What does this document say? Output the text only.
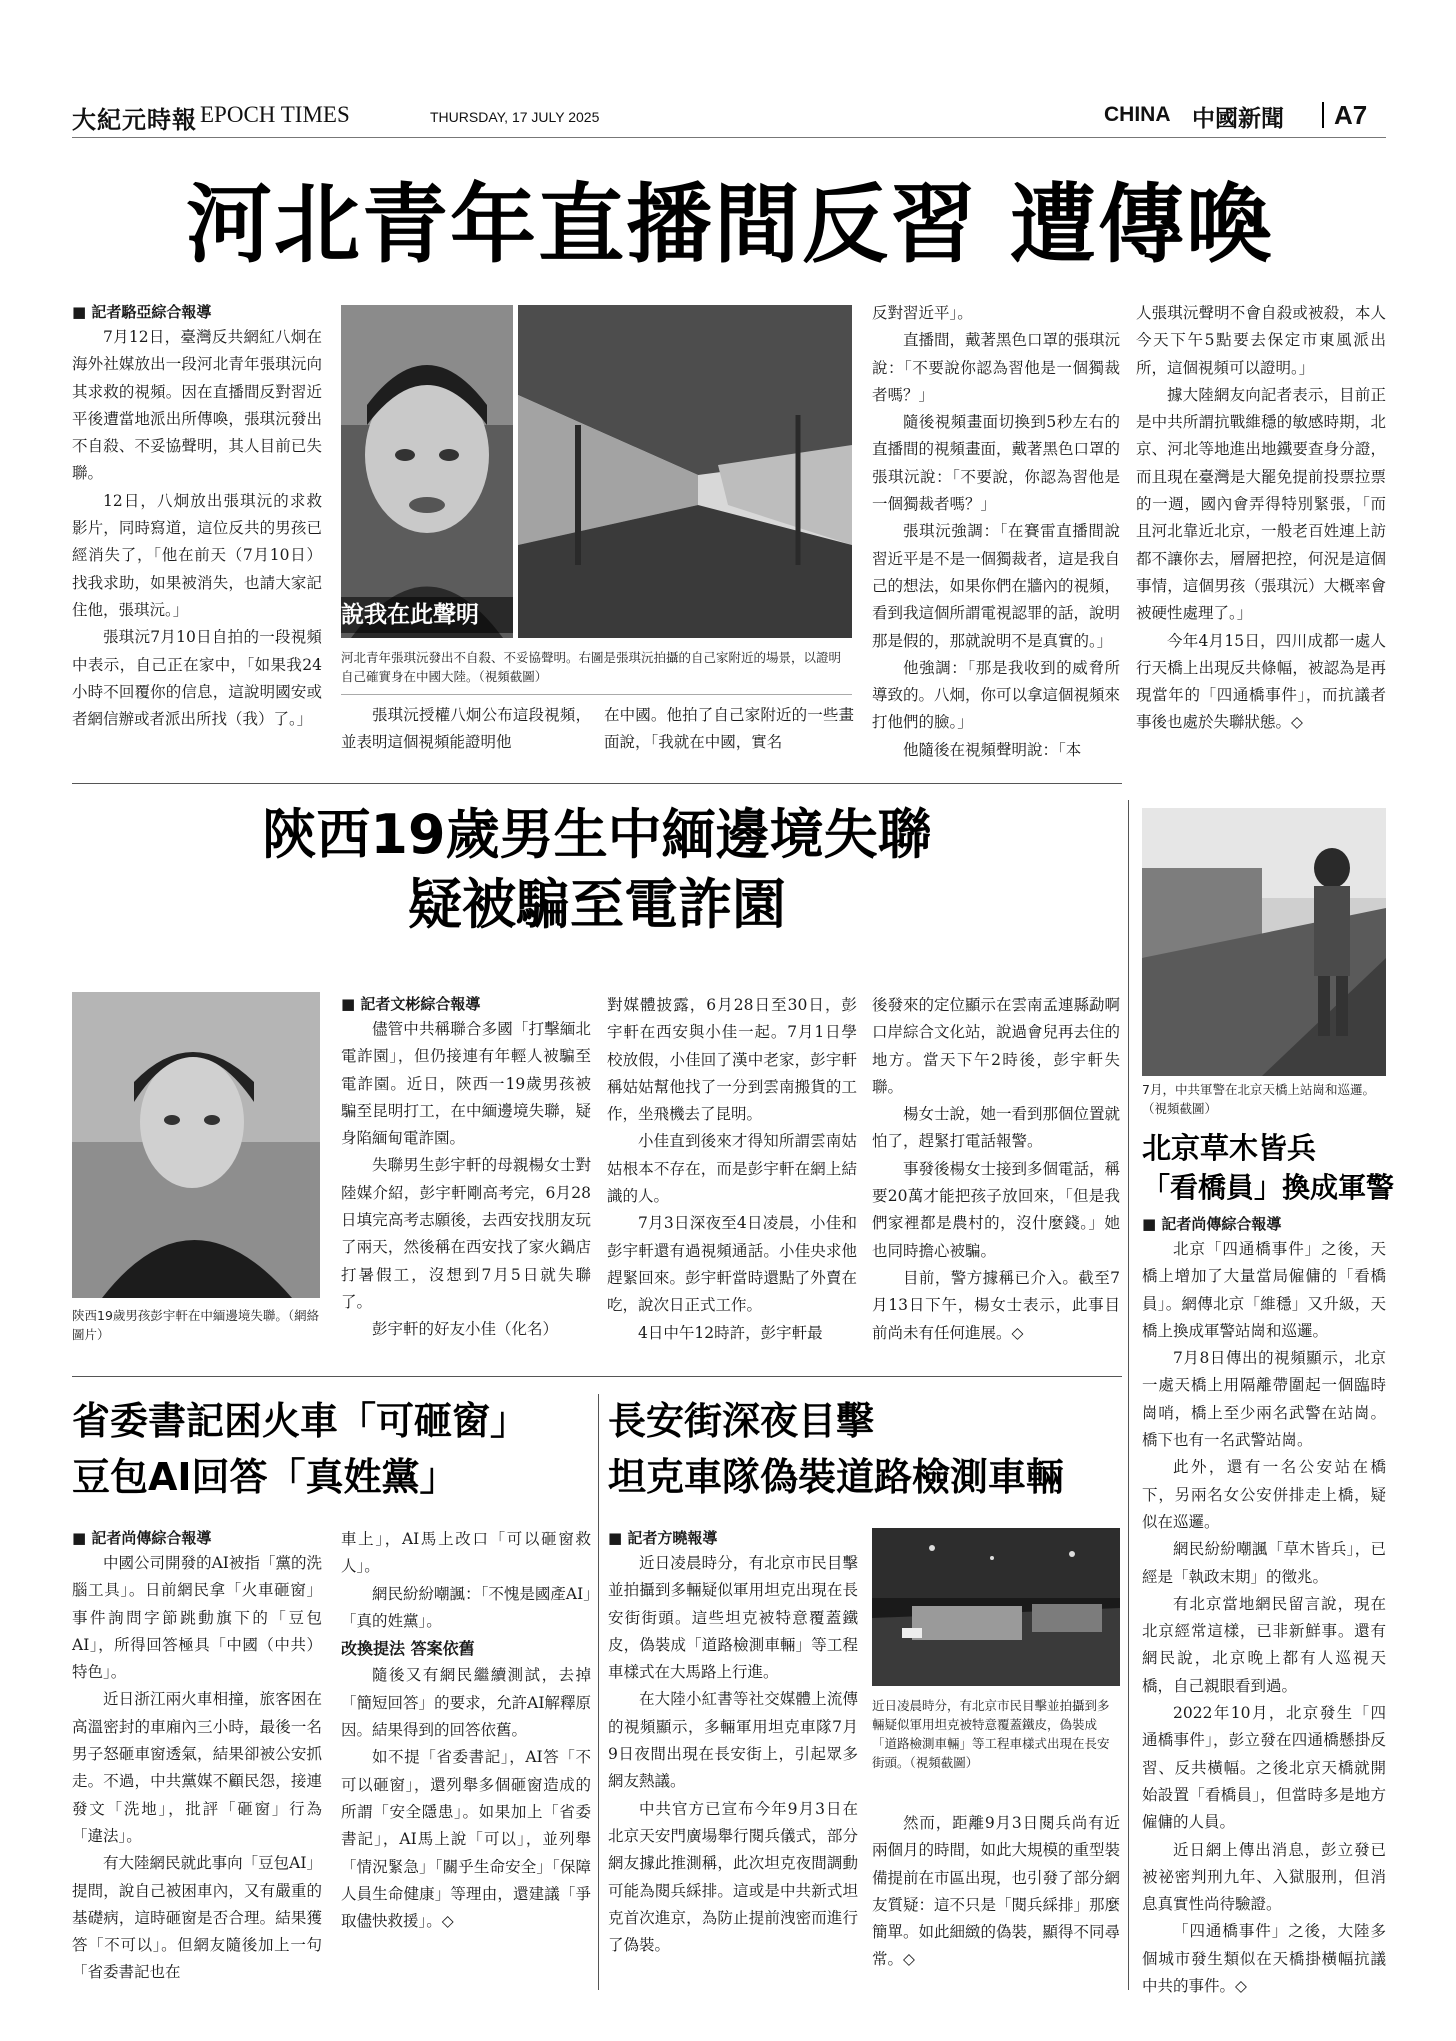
大紀元時報 EPOCH TIMES	THURSDAY, 17 JULY 2025	CHINA 中國新聞 A7
河北青年直播間反習 遭傳喚

■ 記者駱亞綜合報導

7月12日，臺灣反共網紅八炯在海外社媒放出一段河北青年張琪沅向其求救的視頻。因在直播間反對習近平後遭當地派出所傳喚，張琪沅發出不自殺、不妥協聲明，其人目前已失聯。

12日，八炯放出張琪沅的求救影片，同時寫道，這位反共的男孩已經消失了，「他在前天（7月10日）找我求助，如果被消失，也請大家記住他，張琪沅。」

張琪沅7月10日自拍的一段視頻中表示，自己正在家中，「如果我24小時不回覆你的信息，這說明國安或者網信辦或者派出所找（我）了。」

說我在此聲明
河北青年張琪沅發出不自殺、不妥協聲明。右圖是張琪沅拍攝的自己家附近的場景，以證明自己確實身在中國大陸。（視頻截圖）

張琪沅授權八炯公布這段視頻，並表明這個視頻能證明他

在中國。他拍了自己家附近的一些畫面說，「我就在中國，實名

反對習近平」。

直播間，戴著黑色口罩的張琪沅說：「不要說你認為習他是一個獨裁者嗎？」

隨後視頻畫面切換到5秒左右的直播間的視頻畫面，戴著黑色口罩的張琪沅說：「不要說，你認為習他是一個獨裁者嗎？」

張琪沅強調：「在賽雷直播間說習近平是不是一個獨裁者，這是我自己的想法，如果你們在牆內的視頻，看到我這個所謂電視認罪的話，說明那是假的，那就說明不是真實的。」

他強調：「那是我收到的威脅所導致的。八炯，你可以拿這個視頻來打他們的臉。」

他隨後在視頻聲明說：「本

人張琪沅聲明不會自殺或被殺，本人今天下午5點要去保定市東風派出所，這個視頻可以證明。」

據大陸網友向記者表示，目前正是中共所謂抗戰維穩的敏感時期，北京、河北等地進出地鐵要查身分證，而且現在臺灣是大罷免提前投票拉票的一週，國內會弄得特別緊張，「而且河北靠近北京，一般老百姓連上訪都不讓你去，層層把控，何況是這個事情，這個男孩（張琪沅）大概率會被硬性處理了。」

今年4月15日，四川成都一處人行天橋上出現反共條幅，被認為是再現當年的「四通橋事件」，而抗議者事後也處於失聯狀態。◇

陝西19歲男生中緬邊境失聯
疑被騙至電詐園
陝西19歲男孩彭宇軒在中緬邊境失聯。（網絡圖片）

■ 記者文彬綜合報導

儘管中共稱聯合多國「打擊緬北電詐園」，但仍接連有年輕人被騙至電詐園。近日，陝西一19歲男孩被騙至昆明打工，在中緬邊境失聯，疑身陷緬甸電詐園。

失聯男生彭宇軒的母親楊女士對陸媒介紹，彭宇軒剛高考完，6月28日填完高考志願後，去西安找朋友玩了兩天，然後稱在西安找了家火鍋店打暑假工，沒想到7月5日就失聯了。

彭宇軒的好友小佳（化名）

對媒體披露，6月28日至30日，彭宇軒在西安與小佳一起。7月1日學校放假，小佳回了漢中老家，彭宇軒稱姑姑幫他找了一分到雲南搬貨的工作，坐飛機去了昆明。

小佳直到後來才得知所謂雲南姑姑根本不存在，而是彭宇軒在網上結識的人。

7月3日深夜至4日凌晨，小佳和彭宇軒還有過視頻通話。小佳央求他趕緊回來。彭宇軒當時還點了外賣在吃，說次日正式工作。

4日中午12時許，彭宇軒最

後發來的定位顯示在雲南孟連縣勐啊口岸綜合文化站，說過會兒再去住的地方。當天下午2時後，彭宇軒失聯。

楊女士說，她一看到那個位置就怕了，趕緊打電話報警。

事發後楊女士接到多個電話，稱要20萬才能把孩子放回來，「但是我們家裡都是農村的，沒什麼錢。」她也同時擔心被騙。

目前，警方據稱已介入。截至7月13日下午，楊女士表示，此事目前尚未有任何進展。◇

7月，中共軍警在北京天橋上站崗和巡邏。（視頻截圖）
北京草木皆兵
「看橋員」換成軍警

■ 記者尚傳綜合報導

北京「四通橋事件」之後，天橋上增加了大量當局僱傭的「看橋員」。網傳北京「維穩」又升級，天橋上換成軍警站崗和巡邏。

7月8日傳出的視頻顯示，北京一處天橋上用隔離帶圍起一個臨時崗哨，橋上至少兩名武警在站崗。橋下也有一名武警站崗。

此外，還有一名公安站在橋下，另兩名女公安併排走上橋，疑似在巡邏。

網民紛紛嘲諷「草木皆兵」，已經是「執政末期」的徵兆。

有北京當地網民留言說，現在北京經常這樣，已非新鮮事。還有網民說，北京晚上都有人巡視天橋，自己親眼看到過。

2022年10月，北京發生「四通橋事件」，彭立發在四通橋懸掛反習、反共橫幅。之後北京天橋就開始設置「看橋員」，但當時多是地方僱傭的人員。

近日網上傳出消息，彭立發已被祕密判刑九年、入獄服刑，但消息真實性尚待驗證。

「四通橋事件」之後，大陸多個城市發生類似在天橋掛橫幅抗議中共的事件。◇

省委書記困火車「可砸窗」
豆包AI回答「真姓黨」

■ 記者尚傳綜合報導

中國公司開發的AI被指「黨的洗腦工具」。日前網民拿「火車砸窗」事件詢問字節跳動旗下的「豆包AI」，所得回答極具「中國（中共）特色」。

近日浙江兩火車相撞，旅客困在高溫密封的車廂內三小時，最後一名男子怒砸車窗透氣，結果卻被公安抓走。不過，中共黨媒不顧民怨，接連發文「洗地」，批評「砸窗」行為「違法」。

有大陸網民就此事向「豆包AI」提問，說自己被困車內，又有嚴重的基礎病，這時砸窗是否合理。結果獲答「不可以」。但網友隨後加上一句「省委書記也在

車上」，AI馬上改口「可以砸窗救人」。

網民紛紛嘲諷：「不愧是國產AI」「真的姓黨」。

改換提法 答案依舊

隨後又有網民繼續測試，去掉「簡短回答」的要求，允許AI解釋原因。結果得到的回答依舊。

如不提「省委書記」，AI答「不可以砸窗」，還列舉多個砸窗造成的所謂「安全隱患」。如果加上「省委書記」，AI馬上說「可以」，並列舉「情況緊急」「關乎生命安全」「保障人員生命健康」等理由，還建議「爭取儘快救援」。◇

長安街深夜目擊
坦克車隊偽裝道路檢測車輛

■ 記者方曉報導

近日凌晨時分，有北京市民目擊並拍攝到多輛疑似軍用坦克出現在長安街街頭。這些坦克被特意覆蓋鐵皮，偽裝成「道路檢測車輛」等工程車樣式在大馬路上行進。

在大陸小紅書等社交媒體上流傳的視頻顯示，多輛軍用坦克車隊7月9日夜間出現在長安街上，引起眾多網友熱議。

中共官方已宣布今年9月3日在北京天安門廣場舉行閱兵儀式，部分網友據此推測稱，此次坦克夜間調動可能為閱兵綵排。這或是中共新式坦克首次進京，為防止提前洩密而進行了偽裝。

近日凌晨時分，有北京市民目擊並拍攝到多輛疑似軍用坦克被特意覆蓋鐵皮，偽裝成「道路檢測車輛」等工程車樣式出現在長安街頭。（視頻截圖）

然而，距離9月3日閱兵尚有近兩個月的時間，如此大規模的重型裝備提前在市區出現，也引發了部分網友質疑：這不只是「閱兵綵排」那麼簡單。如此細緻的偽裝，顯得不同尋常。◇
